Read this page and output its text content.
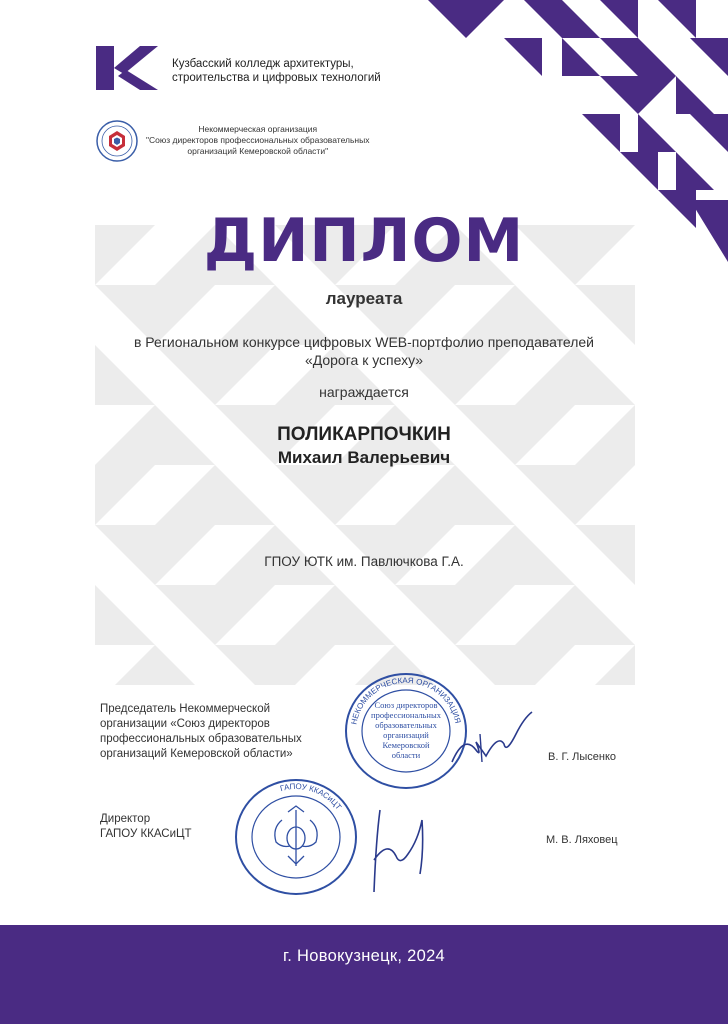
Кузбасский колледж архитектуры,
строительства и цифровых технологий
Некоммерческая организация
"Союз директоров профессиональных образовательных
организаций Кемеровской области"
ДИПЛОМ
лауреата
в Региональном конкурсе цифровых WEB-портфолио преподавателей
«Дорога к успеху»
награждается
ПОЛИКАРПОЧКИН
Михаил Валерьевич
ГПОУ ЮТК им. Павлючкова Г.А.
НЕКОММЕРЧЕСКАЯ ОРГАНИЗАЦИЯ
Союз директоров
профессиональных
образовательных
организаций
Кемеровской
области
ГАПОУ ККАСиЦТ
Председатель Некоммерческой
организации «Союз директоров
профессиональных образовательных
организаций Кемеровской области»	В. Г. Лысенко
Директор
ГАПОУ ККАСиЦТ	М. В. Ляховец
г. Новокузнецк, 2024
